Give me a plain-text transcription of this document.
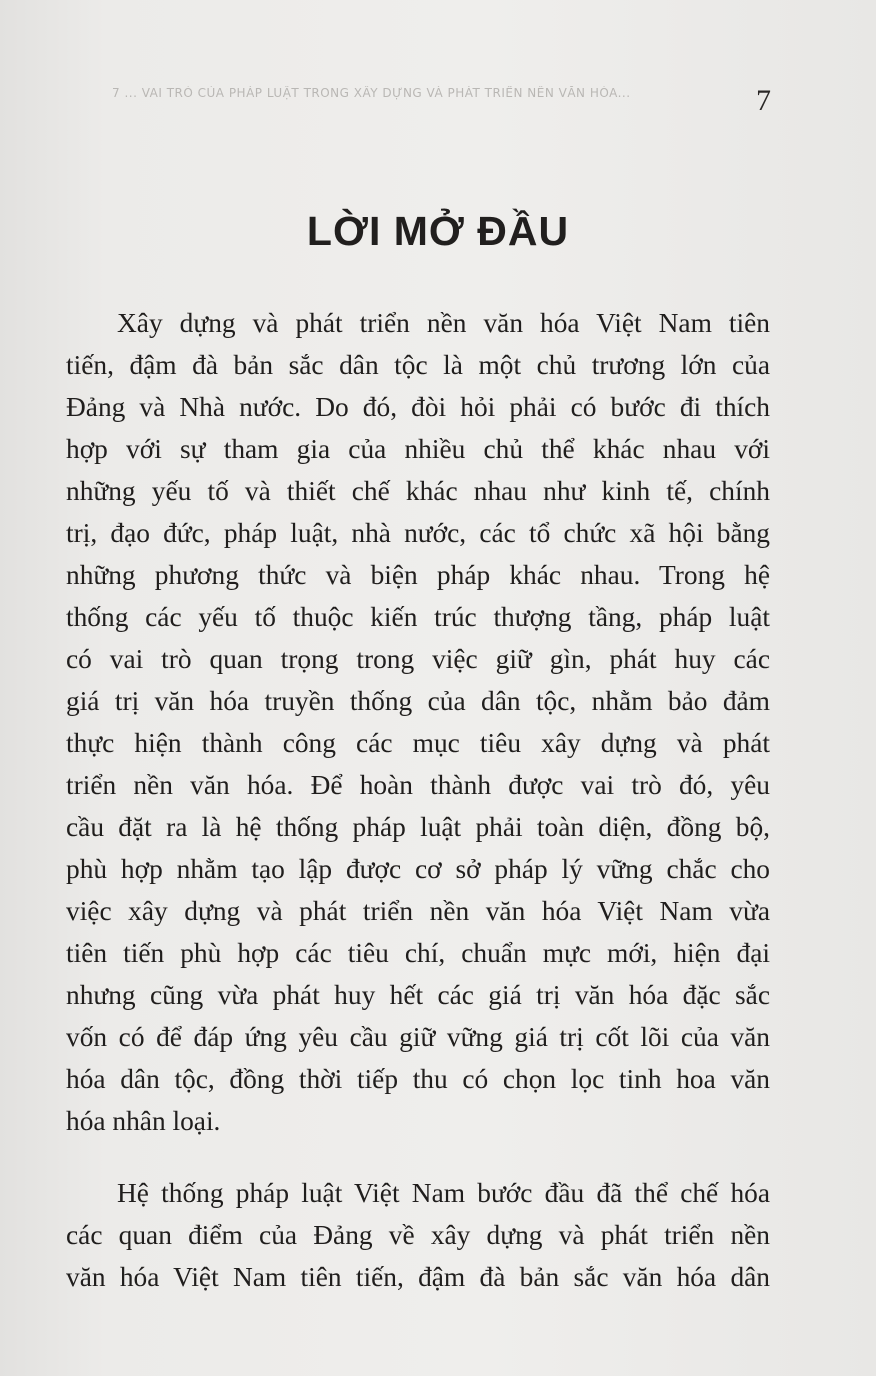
7 ... VAI TRÒ CỦA PHÁP LUẬT TRONG XÂY DỰNG VÀ PHÁT TRIỂN NỀN VĂN HÓA...	7
LỜI MỞ ĐẦU
Xây dựng và phát triển nền văn hóa Việt Nam tiên
tiến, đậm đà bản sắc dân tộc là một chủ trương lớn của
Đảng và Nhà nước. Do đó, đòi hỏi phải có bước đi thích
hợp với sự tham gia của nhiều chủ thể khác nhau với
những yếu tố và thiết chế khác nhau như kinh tế, chính
trị, đạo đức, pháp luật, nhà nước, các tổ chức xã hội bằng
những phương thức và biện pháp khác nhau. Trong hệ
thống các yếu tố thuộc kiến trúc thượng tầng, pháp luật
có vai trò quan trọng trong việc giữ gìn, phát huy các
giá trị văn hóa truyền thống của dân tộc, nhằm bảo đảm
thực hiện thành công các mục tiêu xây dựng và phát
triển nền văn hóa. Để hoàn thành được vai trò đó, yêu
cầu đặt ra là hệ thống pháp luật phải toàn diện, đồng bộ,
phù hợp nhằm tạo lập được cơ sở pháp lý vững chắc cho
việc xây dựng và phát triển nền văn hóa Việt Nam vừa
tiên tiến phù hợp các tiêu chí, chuẩn mực mới, hiện đại
nhưng cũng vừa phát huy hết các giá trị văn hóa đặc sắc
vốn có để đáp ứng yêu cầu giữ vững giá trị cốt lõi của văn
hóa dân tộc, đồng thời tiếp thu có chọn lọc tinh hoa văn
hóa nhân loại.
Hệ thống pháp luật Việt Nam bước đầu đã thể chế hóa
các quan điểm của Đảng về xây dựng và phát triển nền
văn hóa Việt Nam tiên tiến, đậm đà bản sắc văn hóa dân
